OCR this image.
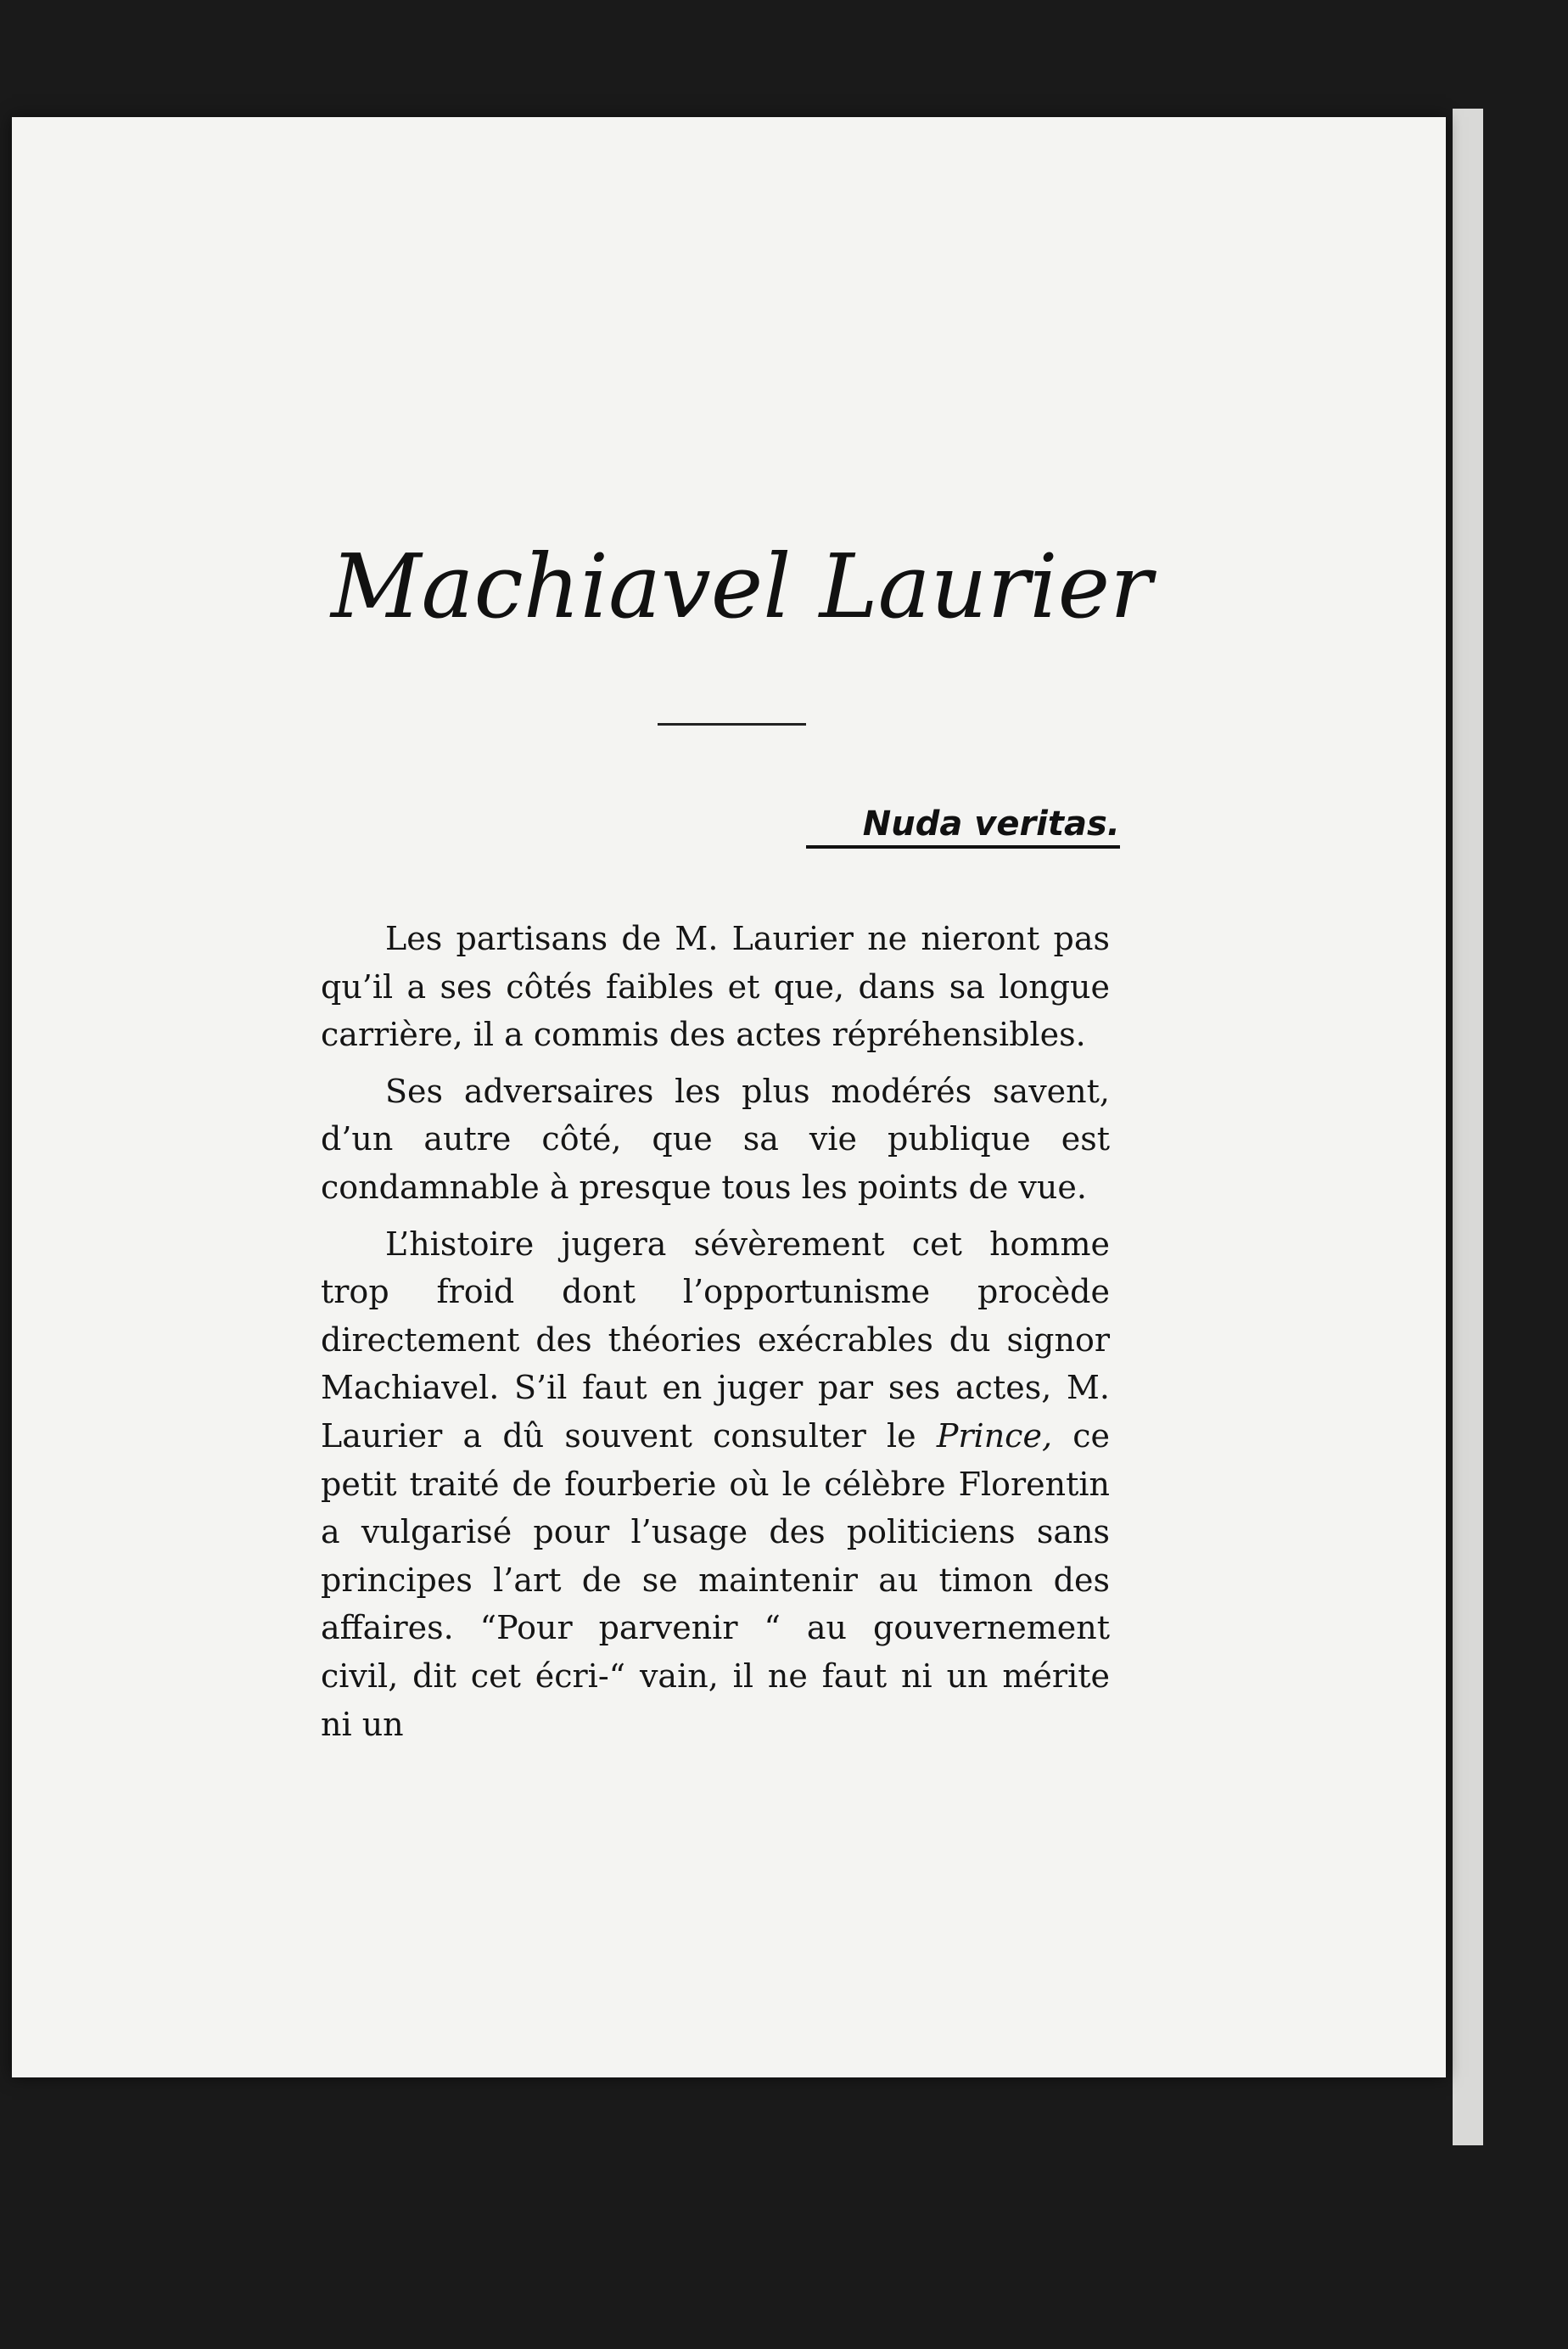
Machiavel Laurier
Nuda veritas.

Les partisans de M. Laurier ne nieront pas qu’il a ses côtés faibles et que, dans sa longue carrière, il a commis des actes répréhensibles.

Ses adversaires les plus modérés savent, d’un autre côté, que sa vie publique est condamnable à presque tous les points de vue.

L’histoire jugera sévèrement cet homme trop froid dont l’opportunisme procède directement des théories exécrables du signor Machiavel. S’il faut en juger par ses actes, M. Laurier a dû souvent consulter le Prince, ce petit traité de fourberie où le célèbre Florentin a vulgarisé pour l’usage des politiciens sans principes l’art de se maintenir au timon des affaires. “Pour parvenir “ au gouvernement civil, dit cet écri-“ vain, il ne faut ni un mérite ni un
